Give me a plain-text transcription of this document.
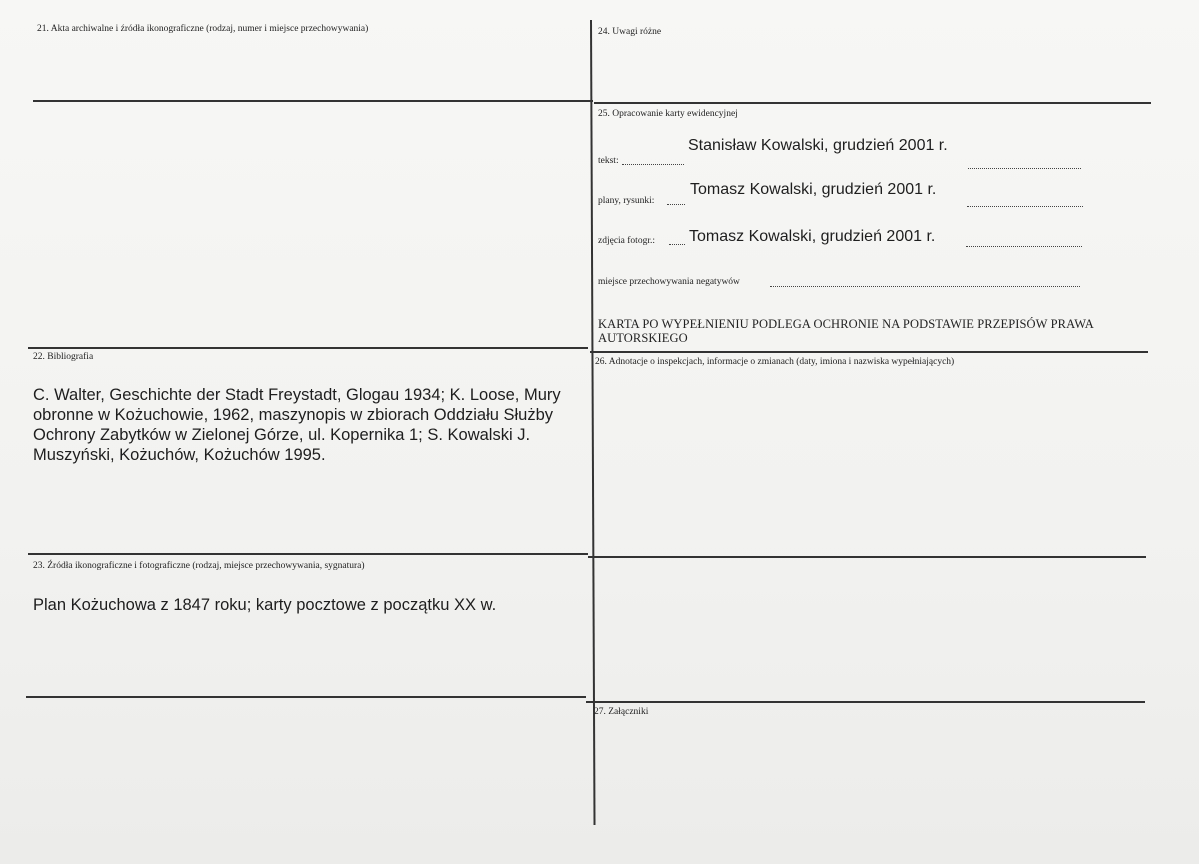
21. Akta archiwalne i źródła ikonograficzne (rodzaj, numer i miejsce przechowywania)	24. Uwagi różne
25. Opracowanie karty ewidencyjnej
tekst:
Stanisław Kowalski, grudzień 2001 r.
plany, rysunki:
Tomasz Kowalski, grudzień 2001 r.
zdjęcia fotogr.: Tomasz Kowalski, grudzień 2001 r.
miejsce przechowywania negatywów
KARTA PO WYPEŁNIENIU PODLEGA OCHRONIE NA PODSTAWIE PRZEPISÓW PRAWA
AUTORSKIEGO
22. Bibliografia
C. Walter, Geschichte der Stadt Freystadt, Glogau 1934; K. Loose, Mury obronne w Kożuchowie, 1962, maszynopis w zbiorach Oddziału Służby Ochrony Zabytków w Zielonej Górze, ul. Kopernika 1; S. Kowalski J. Muszyński, Kożuchów, Kożuchów 1995.
26. Adnotacje o inspekcjach, informacje o zmianach (daty, imiona i nazwiska wypełniających)
23. Źródła ikonograficzne i fotograficzne (rodzaj, miejsce przechowywania, sygnatura)
Plan Kożuchowa z 1847 roku; karty pocztowe z początku XX w.
27. Załączniki
